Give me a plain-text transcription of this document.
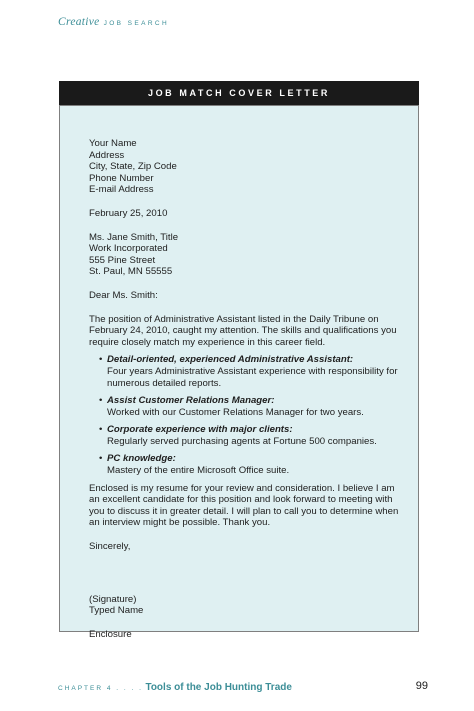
Creative JOB SEARCH
JOB MATCH COVER LETTER

Your Name

Address

City, State, Zip Code

Phone Number

E-mail Address

February 25, 2010

Ms. Jane Smith, Title

Work Incorporated

555 Pine Street

St. Paul, MN 55555

Dear Ms. Smith:

The position of Administrative Assistant listed in the Daily Tribune on February 24, 2010, caught my attention. The skills and qualifications you require closely match my experience in this career field.

• Detail-oriented, experienced Administrative Assistant:
Four years Administrative Assistant experience with responsibility for numerous detailed reports.
• Assist Customer Relations Manager:
Worked with our Customer Relations Manager for two years.
• Corporate experience with major clients:
Regularly served purchasing agents at Fortune 500 companies.
• PC knowledge:
Mastery of the entire Microsoft Office suite.

Enclosed is my resume for your review and consideration. I believe I am an excellent candidate for this position and look forward to meeting with you to discuss it in greater detail. I will plan to call you to determine when an interview might be possible. Thank you.

Sincerely,

(Signature)

Typed Name

Enclosure

CHAPTER 4 . . . . Tools of the Job Hunting Trade	99
